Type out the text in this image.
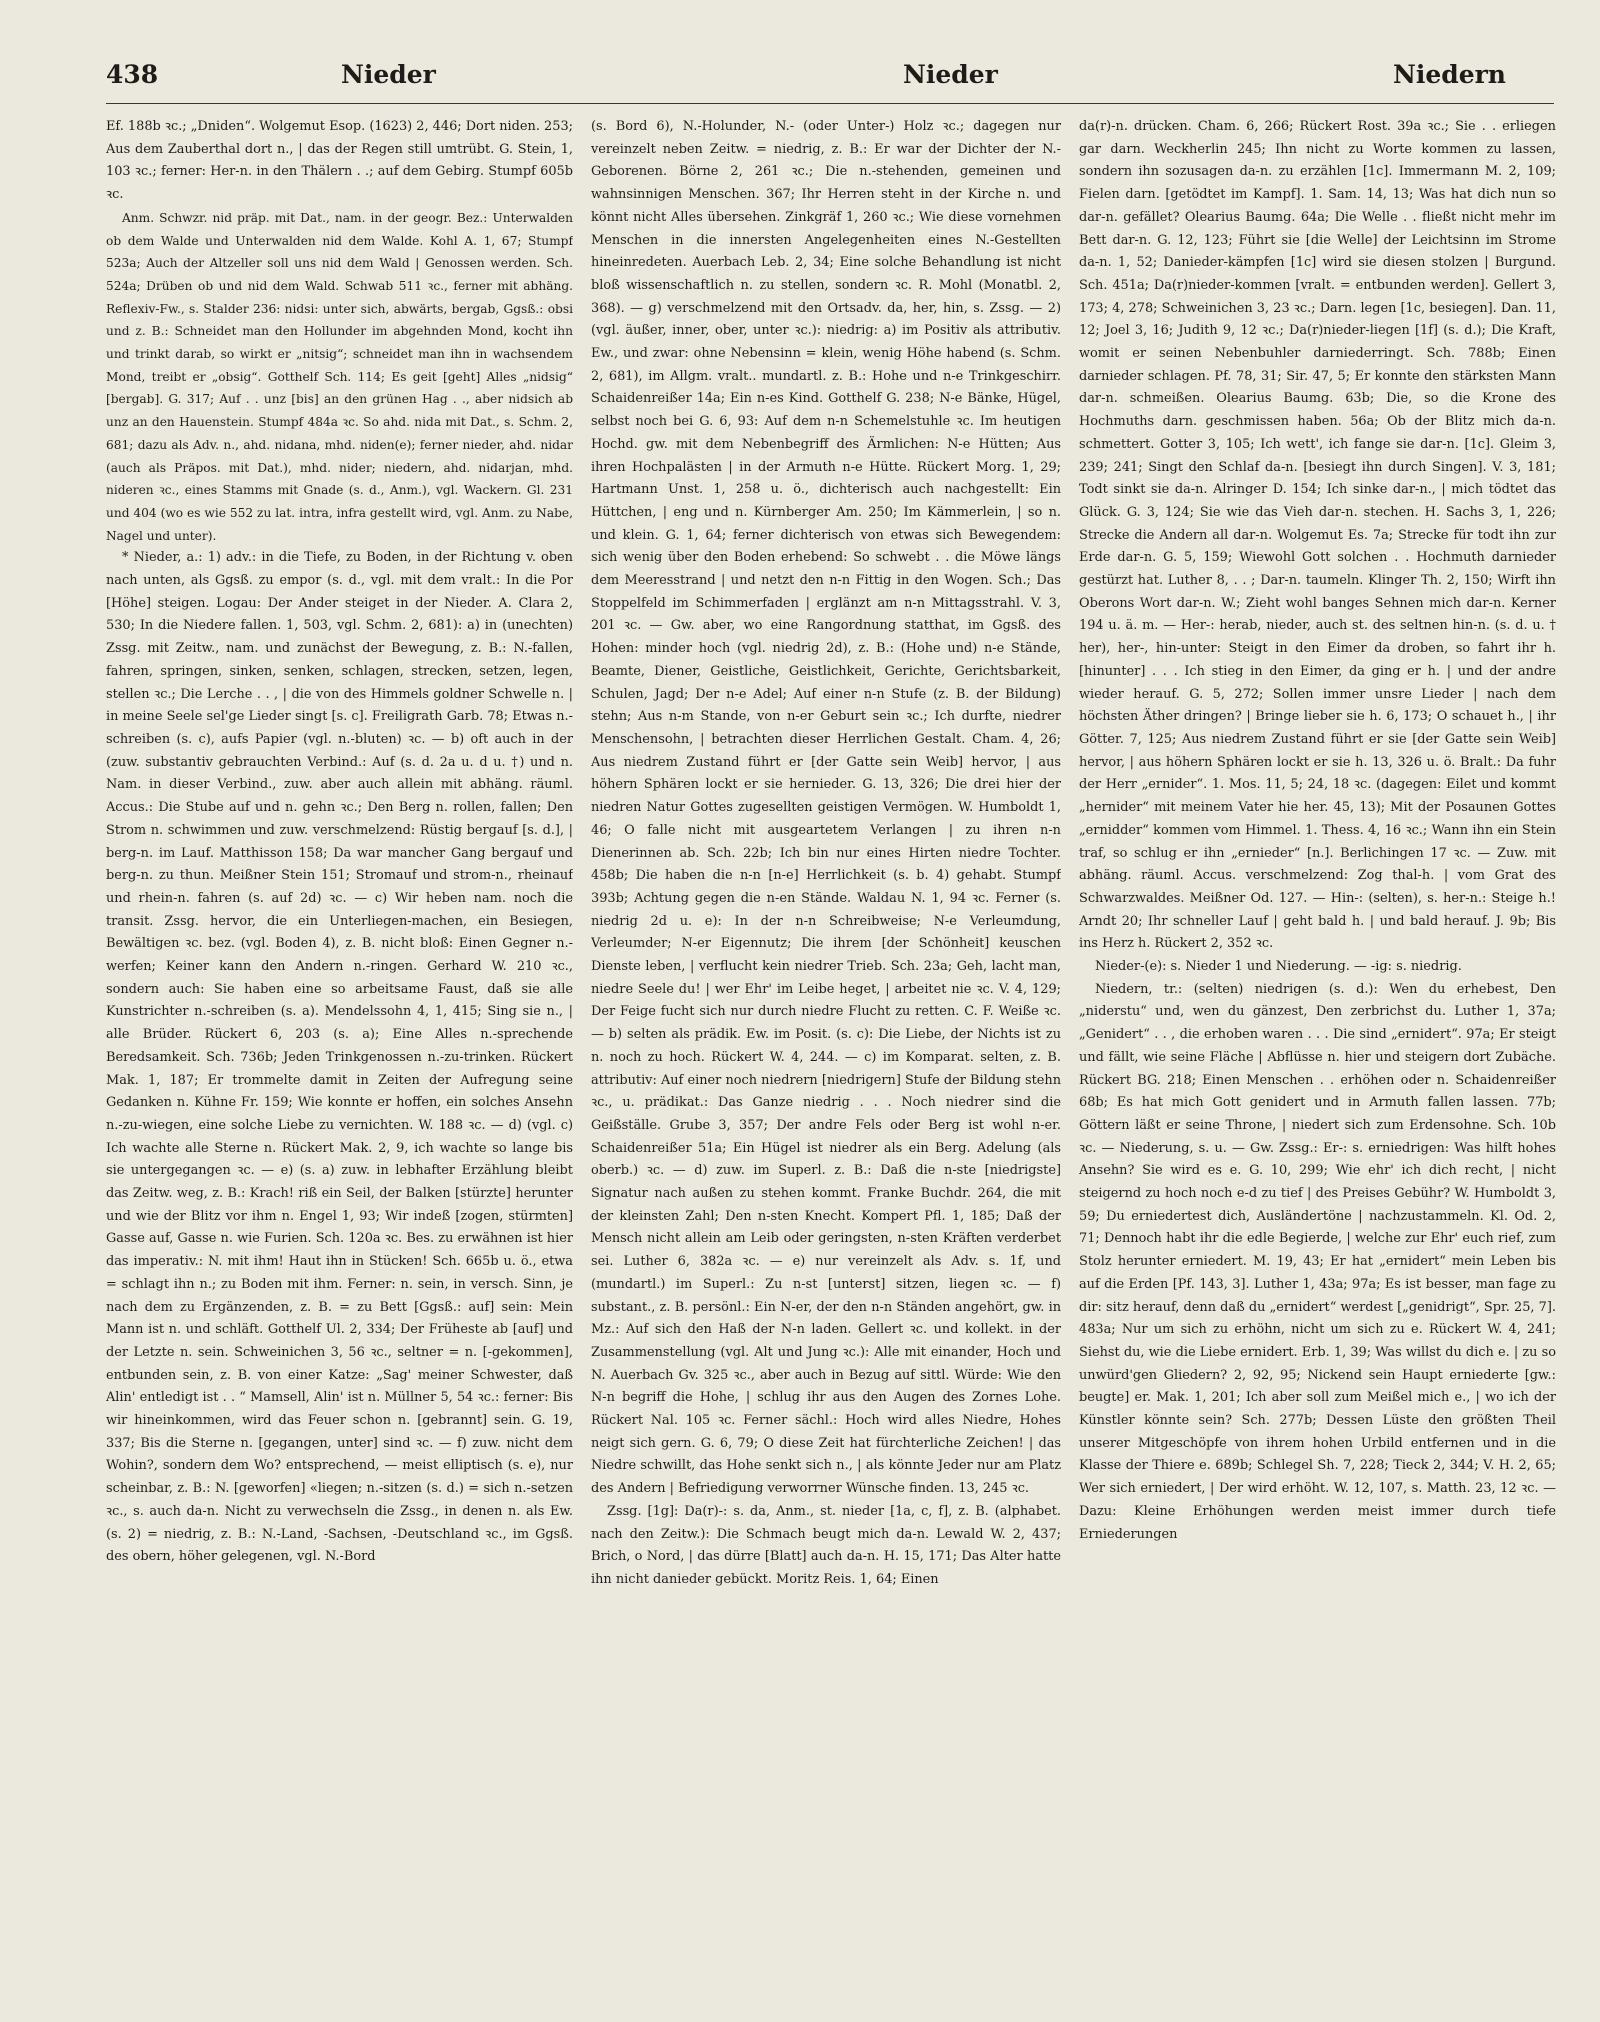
438	Nieder	Nieder	Niedern

Ef. 188b ꝛc.; „Dniden“. Wolgemut Esop. (1623) 2, 446; Dort niden. 253; Aus dem Zauberthal dort n., | das der Regen still umtrübt. G. Stein, 1, 103 ꝛc.; ferner: Her-n. in den Thälern . .; auf dem Gebirg. Stumpf 605b ꝛc.

Anm. Schwzr. nid präp. mit Dat., nam. in der geogr. Bez.: Unterwalden ob dem Walde und Unterwalden nid dem Walde. Kohl A. 1, 67; Stumpf 523a; Auch der Altzeller soll uns nid dem Wald | Genossen werden. Sch. 524a; Drüben ob und nid dem Wald. Schwab 511 ꝛc., ferner mit abhäng. Reflexiv-Fw., s. Stalder 236: nidsi: unter sich, abwärts, bergab, Ggsß.: obsi und z. B.: Schneidet man den Hollunder im abgehnden Mond, kocht ihn und trinkt darab, so wirkt er „nitsig“; schneidet man ihn in wachsendem Mond, treibt er „obsig“. Gotthelf Sch. 114; Es geit [geht] Alles „nidsig“ [bergab]. G. 317; Auf . . unz [bis] an den grünen Hag . ., aber nidsich ab unz an den Hauenstein. Stumpf 484a ꝛc. So ahd. nida mit Dat., s. Schm. 2, 681; dazu als Adv. n., ahd. nidana, mhd. niden(e); ferner nieder, ahd. nidar (auch als Präpos. mit Dat.), mhd. nider; niedern, ahd. nidarjan, mhd. nideren ꝛc., eines Stamms mit Gnade (s. d., Anm.), vgl. Wackern. Gl. 231 und 404 (wo es wie 552 zu lat. intra, infra gestellt wird, vgl. Anm. zu Nabe, Nagel und unter).

* Nieder, a.: 1) adv.: in die Tiefe, zu Boden, in der Richtung v. oben nach unten, als Ggsß. zu empor (s. d., vgl. mit dem vralt.: In die Por [Höhe] steigen. Logau: Der Ander steiget in der Nieder. A. Clara 2, 530; In die Niedere fallen. 1, 503, vgl. Schm. 2, 681): a) in (unechten) Zssg. mit Zeitw., nam. und zunächst der Bewegung, z. B.: N.-fallen, fahren, springen, sinken, senken, schlagen, strecken, setzen, legen, stellen ꝛc.; Die Lerche . . , | die von des Himmels goldner Schwelle n. | in meine Seele sel'ge Lieder singt [s. c]. Freiligrath Garb. 78; Etwas n.-schreiben (s. c), aufs Papier (vgl. n.-bluten) ꝛc. — b) oft auch in der (zuw. substantiv gebrauchten Verbind.: Auf (s. d. 2a u. d u. †) und n. Nam. in dieser Verbind., zuw. aber auch allein mit abhäng. räuml. Accus.: Die Stube auf und n. gehn ꝛc.; Den Berg n. rollen, fallen; Den Strom n. schwimmen und zuw. verschmelzend: Rüstig bergauf [s. d.], | berg-n. im Lauf. Matthisson 158; Da war mancher Gang bergauf und berg-n. zu thun. Meißner Stein 151; Stromauf und strom-n., rheinauf und rhein-n. fahren (s. auf 2d) ꝛc. — c) Wir heben nam. noch die transit. Zssg. hervor, die ein Unterliegen-machen, ein Besiegen, Bewältigen ꝛc. bez. (vgl. Boden 4), z. B. nicht bloß: Einen Gegner n.-werfen; Keiner kann den Andern n.-ringen. Gerhard W. 210 ꝛc., sondern auch: Sie haben eine so arbeitsame Faust, daß sie alle Kunstrichter n.-schreiben (s. a). Mendelssohn 4, 1, 415; Sing sie n., | alle Brüder. Rückert 6, 203 (s. a); Eine Alles n.-sprechende Beredsamkeit. Sch. 736b; Jeden Trinkgenossen n.-zu-trinken. Rückert Mak. 1, 187; Er trommelte damit in Zeiten der Aufregung seine Gedanken n. Kühne Fr. 159; Wie konnte er hoffen, ein solches Ansehn n.-zu-wiegen, eine solche Liebe zu vernichten. W. 188 ꝛc. — d) (vgl. c) Ich wachte alle Sterne n. Rückert Mak. 2, 9, ich wachte so lange bis sie untergegangen ꝛc. — e) (s. a) zuw. in lebhafter Erzählung bleibt das Zeitw. weg, z. B.: Krach! riß ein Seil, der Balken [stürzte] herunter und wie der Blitz vor ihm n. Engel 1, 93; Wir indeß [zogen, stürmten] Gasse auf, Gasse n. wie Furien. Sch. 120a ꝛc. Bes. zu erwähnen ist hier das imperativ.: N. mit ihm! Haut ihn in Stücken! Sch. 665b u. ö., etwa = schlagt ihn n.; zu Boden mit ihm. Ferner: n. sein, in versch. Sinn, je nach dem zu Ergänzenden, z. B. = zu Bett [Ggsß.: auf] sein: Mein Mann ist n. und schläft. Gotthelf Ul. 2, 334; Der Früheste ab [auf] und der Letzte n. sein. Schweinichen 3, 56 ꝛc., seltner = n. [-gekommen], entbunden sein, z. B. von einer Katze: „Sag' meiner Schwester, daß Alin' entledigt ist . . “ Mamsell, Alin' ist n. Müllner 5, 54 ꝛc.: ferner: Bis wir hineinkommen, wird das Feuer schon n. [gebrannt] sein. G. 19, 337; Bis die Sterne n. [gegangen, unter] sind ꝛc. — f) zuw. nicht dem Wohin?, sondern dem Wo? entsprechend, — meist elliptisch (s. e), nur scheinbar, z. B.: N. [geworfen] «liegen; n.-sitzen (s. d.) = sich n.-setzen ꝛc., s. auch da-n. Nicht zu verwechseln die Zssg., in denen n. als Ew. (s. 2) = niedrig, z. B.: N.-Land, -Sachsen, -Deutschland ꝛc., im Ggsß. des obern, höher gelegenen, vgl. N.-Bord

(s. Bord 6), N.-Holunder, N.- (oder Unter-) Holz ꝛc.; dagegen nur vereinzelt neben Zeitw. = niedrig, z. B.: Er war der Dichter der N.-Geborenen. Börne 2, 261 ꝛc.; Die n.-stehenden, gemeinen und wahnsinnigen Menschen. 367; Ihr Herren steht in der Kirche n. und könnt nicht Alles übersehen. Zinkgräf 1, 260 ꝛc.; Wie diese vornehmen Menschen in die innersten Angelegenheiten eines N.-Gestellten hineinredeten. Auerbach Leb. 2, 34; Eine solche Behandlung ist nicht bloß wissenschaftlich n. zu stellen, sondern ꝛc. R. Mohl (Monatbl. 2, 368). — g) verschmelzend mit den Ortsadv. da, her, hin, s. Zssg. — 2) (vgl. äußer, inner, ober, unter ꝛc.): niedrig: a) im Positiv als attributiv. Ew., und zwar: ohne Nebensinn = klein, wenig Höhe habend (s. Schm. 2, 681), im Allgm. vralt.. mundartl. z. B.: Hohe und n-e Trinkgeschirr. Schaidenreißer 14a; Ein n-es Kind. Gotthelf G. 238; N-e Bänke, Hügel, selbst noch bei G. 6, 93: Auf dem n-n Schemelstuhle ꝛc. Im heutigen Hochd. gw. mit dem Nebenbegriff des Ärmlichen: N-e Hütten; Aus ihren Hochpalästen | in der Armuth n-e Hütte. Rückert Morg. 1, 29; Hartmann Unst. 1, 258 u. ö., dichterisch auch nachgestellt: Ein Hüttchen, | eng und n. Kürnberger Am. 250; Im Kämmerlein, | so n. und klein. G. 1, 64; ferner dichterisch von etwas sich Bewegendem: sich wenig über den Boden erhebend: So schwebt . . die Möwe längs dem Meeresstrand | und netzt den n-n Fittig in den Wogen. Sch.; Das Stoppelfeld im Schimmerfaden | erglänzt am n-n Mittagsstrahl. V. 3, 201 ꝛc. — Gw. aber, wo eine Rangordnung statthat, im Ggsß. des Hohen: minder hoch (vgl. niedrig 2d), z. B.: (Hohe und) n-e Stände, Beamte, Diener, Geistliche, Geistlichkeit, Gerichte, Gerichtsbarkeit, Schulen, Jagd; Der n-e Adel; Auf einer n-n Stufe (z. B. der Bildung) stehn; Aus n-m Stande, von n-er Geburt sein ꝛc.; Ich durfte, niedrer Menschensohn, | betrachten dieser Herrlichen Gestalt. Cham. 4, 26; Aus niedrem Zustand führt er [der Gatte sein Weib] hervor, | aus höhern Sphären lockt er sie hernieder. G. 13, 326; Die drei hier der niedren Natur Gottes zugesellten geistigen Vermögen. W. Humboldt 1, 46; O falle nicht mit ausgeartetem Verlangen | zu ihren n-n Dienerinnen ab. Sch. 22b; Ich bin nur eines Hirten niedre Tochter. 458b; Die haben die n-n [n-e] Herrlichkeit (s. b. 4) gehabt. Stumpf 393b; Achtung gegen die n-en Stände. Waldau N. 1, 94 ꝛc. Ferner (s. niedrig 2d u. e): In der n-n Schreibweise; N-e Verleumdung, Verleumder; N-er Eigennutz; Die ihrem [der Schönheit] keuschen Dienste leben, | verflucht kein niedrer Trieb. Sch. 23a; Geh, lacht man, niedre Seele du! | wer Ehr' im Leibe heget, | arbeitet nie ꝛc. V. 4, 129; Der Feige fucht sich nur durch niedre Flucht zu retten. C. F. Weiße ꝛc. — b) selten als prädik. Ew. im Posit. (s. c): Die Liebe, der Nichts ist zu n. noch zu hoch. Rückert W. 4, 244. — c) im Komparat. selten, z. B. attributiv: Auf einer noch niedrern [niedrigern] Stufe der Bildung stehn ꝛc., u. prädikat.: Das Ganze niedrig . . . Noch niedrer sind die Geißställe. Grube 3, 357; Der andre Fels oder Berg ist wohl n-er. Schaidenreißer 51a; Ein Hügel ist niedrer als ein Berg. Adelung (als oberb.) ꝛc. — d) zuw. im Superl. z. B.: Daß die n-ste [niedrigste] Signatur nach außen zu stehen kommt. Franke Buchdr. 264, die mit der kleinsten Zahl; Den n-sten Knecht. Kompert Pfl. 1, 185; Daß der Mensch nicht allein am Leib oder geringsten, n-sten Kräften verderbet sei. Luther 6, 382a ꝛc. — e) nur vereinzelt als Adv. s. 1f, und (mundartl.) im Superl.: Zu n-st [unterst] sitzen, liegen ꝛc. — f) substant., z. B. persönl.: Ein N-er, der den n-n Ständen angehört, gw. in Mz.: Auf sich den Haß der N-n laden. Gellert ꝛc. und kollekt. in der Zusammenstellung (vgl. Alt und Jung ꝛc.): Alle mit einander, Hoch und N. Auerbach Gv. 325 ꝛc., aber auch in Bezug auf sittl. Würde: Wie den N-n begriff die Hohe, | schlug ihr aus den Augen des Zornes Lohe. Rückert Nal. 105 ꝛc. Ferner sächl.: Hoch wird alles Niedre, Hohes neigt sich gern. G. 6, 79; O diese Zeit hat fürchterliche Zeichen! | das Niedre schwillt, das Hohe senkt sich n., | als könnte Jeder nur am Platz des Andern | Befriedigung verworrner Wünsche finden. 13, 245 ꝛc.

Zssg. [1g]: Da(r)-: s. da, Anm., st. nieder [1a, c, f], z. B. (alphabet. nach den Zeitw.): Die Schmach beugt mich da-n. Lewald W. 2, 437; Brich, o Nord, | das dürre [Blatt] auch da-n. H. 15, 171; Das Alter hatte ihn nicht danieder gebückt. Moritz Reis. 1, 64; Einen

da(r)-n. drücken. Cham. 6, 266; Rückert Rost. 39a ꝛc.; Sie . . erliegen gar darn. Weckherlin 245; Ihn nicht zu Worte kommen zu lassen, sondern ihn sozusagen da-n. zu erzählen [1c]. Immermann M. 2, 109; Fielen darn. [getödtet im Kampf]. 1. Sam. 14, 13; Was hat dich nun so dar-n. gefället? Olearius Baumg. 64a; Die Welle . . fließt nicht mehr im Bett dar-n. G. 12, 123; Führt sie [die Welle] der Leichtsinn im Strome da-n. 1, 52; Danieder-kämpfen [1c] wird sie diesen stolzen | Burgund. Sch. 451a; Da(r)nieder-kommen [vralt. = entbunden werden]. Gellert 3, 173; 4, 278; Schweinichen 3, 23 ꝛc.; Darn. legen [1c, besiegen]. Dan. 11, 12; Joel 3, 16; Judith 9, 12 ꝛc.; Da(r)nieder-liegen [1f] (s. d.); Die Kraft, womit er seinen Nebenbuhler darniederringt. Sch. 788b; Einen darnieder schlagen. Pf. 78, 31; Sir. 47, 5; Er konnte den stärksten Mann dar-n. schmeißen. Olearius Baumg. 63b; Die, so die Krone des Hochmuths darn. geschmissen haben. 56a; Ob der Blitz mich da-n. schmettert. Gotter 3, 105; Ich wett', ich fange sie dar-n. [1c]. Gleim 3, 239; 241; Singt den Schlaf da-n. [besiegt ihn durch Singen]. V. 3, 181; Todt sinkt sie da-n. Alringer D. 154; Ich sinke dar-n., | mich tödtet das Glück. G. 3, 124; Sie wie das Vieh dar-n. stechen. H. Sachs 3, 1, 226; Strecke die Andern all dar-n. Wolgemut Es. 7a; Strecke für todt ihn zur Erde dar-n. G. 5, 159; Wiewohl Gott solchen . . Hochmuth darnieder gestürzt hat. Luther 8, . . ; Dar-n. taumeln. Klinger Th. 2, 150; Wirft ihn Oberons Wort dar-n. W.; Zieht wohl banges Sehnen mich dar-n. Kerner 194 u. ä. m. — Her-: herab, nieder, auch st. des seltnen hin-n. (s. d. u. † her), her-, hin-unter: Steigt in den Eimer da droben, so fahrt ihr h. [hinunter] . . . Ich stieg in den Eimer, da ging er h. | und der andre wieder herauf. G. 5, 272; Sollen immer unsre Lieder | nach dem höchsten Äther dringen? | Bringe lieber sie h. 6, 173; O schauet h., | ihr Götter. 7, 125; Aus niedrem Zustand führt er sie [der Gatte sein Weib] hervor, | aus höhern Sphären lockt er sie h. 13, 326 u. ö. Bralt.: Da fuhr der Herr „ernider“. 1. Mos. 11, 5; 24, 18 ꝛc. (dagegen: Eilet und kommt „hernider“ mit meinem Vater hie her. 45, 13); Mit der Posaunen Gottes „ernidder“ kommen vom Himmel. 1. Thess. 4, 16 ꝛc.; Wann ihn ein Stein traf, so schlug er ihn „ernieder“ [n.]. Berlichingen 17 ꝛc. — Zuw. mit abhäng. räuml. Accus. verschmelzend: Zog thal-h. | vom Grat des Schwarzwaldes. Meißner Od. 127. — Hin-: (selten), s. her-n.: Steige h.! Arndt 20; Ihr schneller Lauf | geht bald h. | und bald herauf. J. 9b; Bis ins Herz h. Rückert 2, 352 ꝛc.

Nieder-(e): s. Nieder 1 und Niederung. — -ig: s. niedrig.

Niedern, tr.: (selten) niedrigen (s. d.): Wen du erhebest, Den „niderstu“ und, wen du gänzest, Den zerbrichst du. Luther 1, 37a; „Genidert“ . . , die erhoben waren . . . Die sind „ernidert“. 97a; Er steigt und fällt, wie seine Fläche | Abflüsse n. hier und steigern dort Zubäche. Rückert BG. 218; Einen Menschen . . erhöhen oder n. Schaidenreißer 68b; Es hat mich Gott genidert und in Armuth fallen lassen. 77b; Göttern läßt er seine Throne, | niedert sich zum Erdensohne. Sch. 10b ꝛc. — Niederung, s. u. — Gw. Zssg.: Er-: s. erniedrigen: Was hilft hohes Ansehn? Sie wird es e. G. 10, 299; Wie ehr' ich dich recht, | nicht steigernd zu hoch noch e-d zu tief | des Preises Gebühr? W. Humboldt 3, 59; Du erniedertest dich, Ausländertöne | nachzustammeln. Kl. Od. 2, 71; Dennoch habt ihr die edle Begierde, | welche zur Ehr' euch rief, zum Stolz herunter erniedert. M. 19, 43; Er hat „ernidert“ mein Leben bis auf die Erden [Pf. 143, 3]. Luther 1, 43a; 97a; Es ist besser, man fage zu dir: sitz herauf, denn daß du „ernidert“ werdest [„genidrigt“, Spr. 25, 7]. 483a; Nur um sich zu erhöhn, nicht um sich zu e. Rückert W. 4, 241; Siehst du, wie die Liebe ernidert. Erb. 1, 39; Was willst du dich e. | zu so unwürd'gen Gliedern? 2, 92, 95; Nickend sein Haupt erniederte [gw.: beugte] er. Mak. 1, 201; Ich aber soll zum Meißel mich e., | wo ich der Künstler könnte sein? Sch. 277b; Dessen Lüste den größten Theil unserer Mitgeschöpfe von ihrem hohen Urbild entfernen und in die Klasse der Thiere e. 689b; Schlegel Sh. 7, 228; Tieck 2, 344; V. H. 2, 65; Wer sich erniedert, | Der wird erhöht. W. 12, 107, s. Matth. 23, 12 ꝛc. — Dazu: Kleine Erhöhungen werden meist immer durch tiefe Erniederungen
